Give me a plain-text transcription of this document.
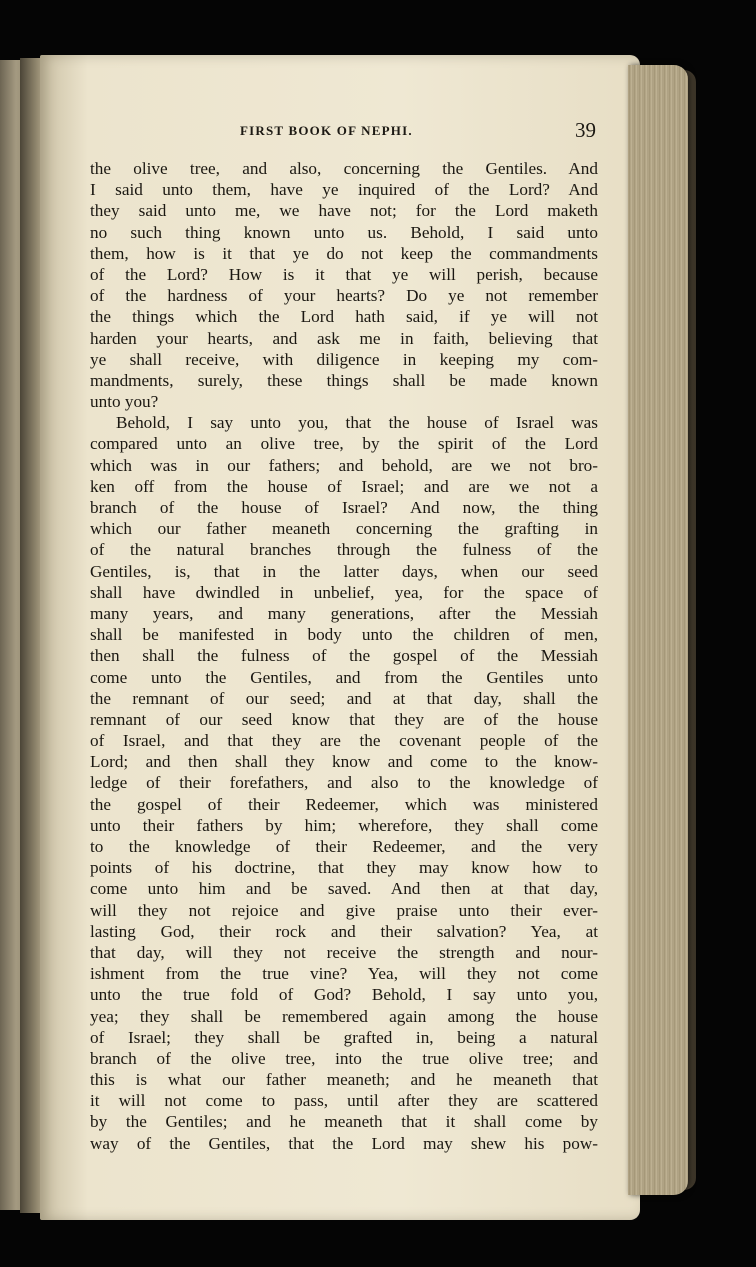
FIRST BOOK OF NEPHI.	39
the olive tree, and also, concerning the Gentiles. And
I said unto them, have ye inquired of the Lord? And
they said unto me, we have not; for the Lord maketh
no such thing known unto us. Behold, I said unto
them, how is it that ye do not keep the commandments
of the Lord? How is it that ye will perish, because
of the hardness of your hearts? Do ye not remember
the things which the Lord hath said, if ye will not
harden your hearts, and ask me in faith, believing that
ye shall receive, with diligence in keeping my com-
mandments, surely, these things shall be made known
unto you?
Behold, I say unto you, that the house of Israel was
compared unto an olive tree, by the spirit of the Lord
which was in our fathers; and behold, are we not bro-
ken off from the house of Israel; and are we not a
branch of the house of Israel? And now, the thing
which our father meaneth concerning the grafting in
of the natural branches through the fulness of the
Gentiles, is, that in the latter days, when our seed
shall have dwindled in unbelief, yea, for the space of
many years, and many generations, after the Messiah
shall be manifested in body unto the children of men,
then shall the fulness of the gospel of the Messiah
come unto the Gentiles, and from the Gentiles unto
the remnant of our seed; and at that day, shall the
remnant of our seed know that they are of the house
of Israel, and that they are the covenant people of the
Lord; and then shall they know and come to the know-
ledge of their forefathers, and also to the knowledge of
the gospel of their Redeemer, which was ministered
unto their fathers by him; wherefore, they shall come
to the knowledge of their Redeemer, and the very
points of his doctrine, that they may know how to
come unto him and be saved. And then at that day,
will they not rejoice and give praise unto their ever-
lasting God, their rock and their salvation? Yea, at
that day, will they not receive the strength and nour-
ishment from the true vine? Yea, will they not come
unto the true fold of God? Behold, I say unto you,
yea; they shall be remembered again among the house
of Israel; they shall be grafted in, being a natural
branch of the olive tree, into the true olive tree; and
this is what our father meaneth; and he meaneth that
it will not come to pass, until after they are scattered
by the Gentiles; and he meaneth that it shall come by
way of the Gentiles, that the Lord may shew his pow-
